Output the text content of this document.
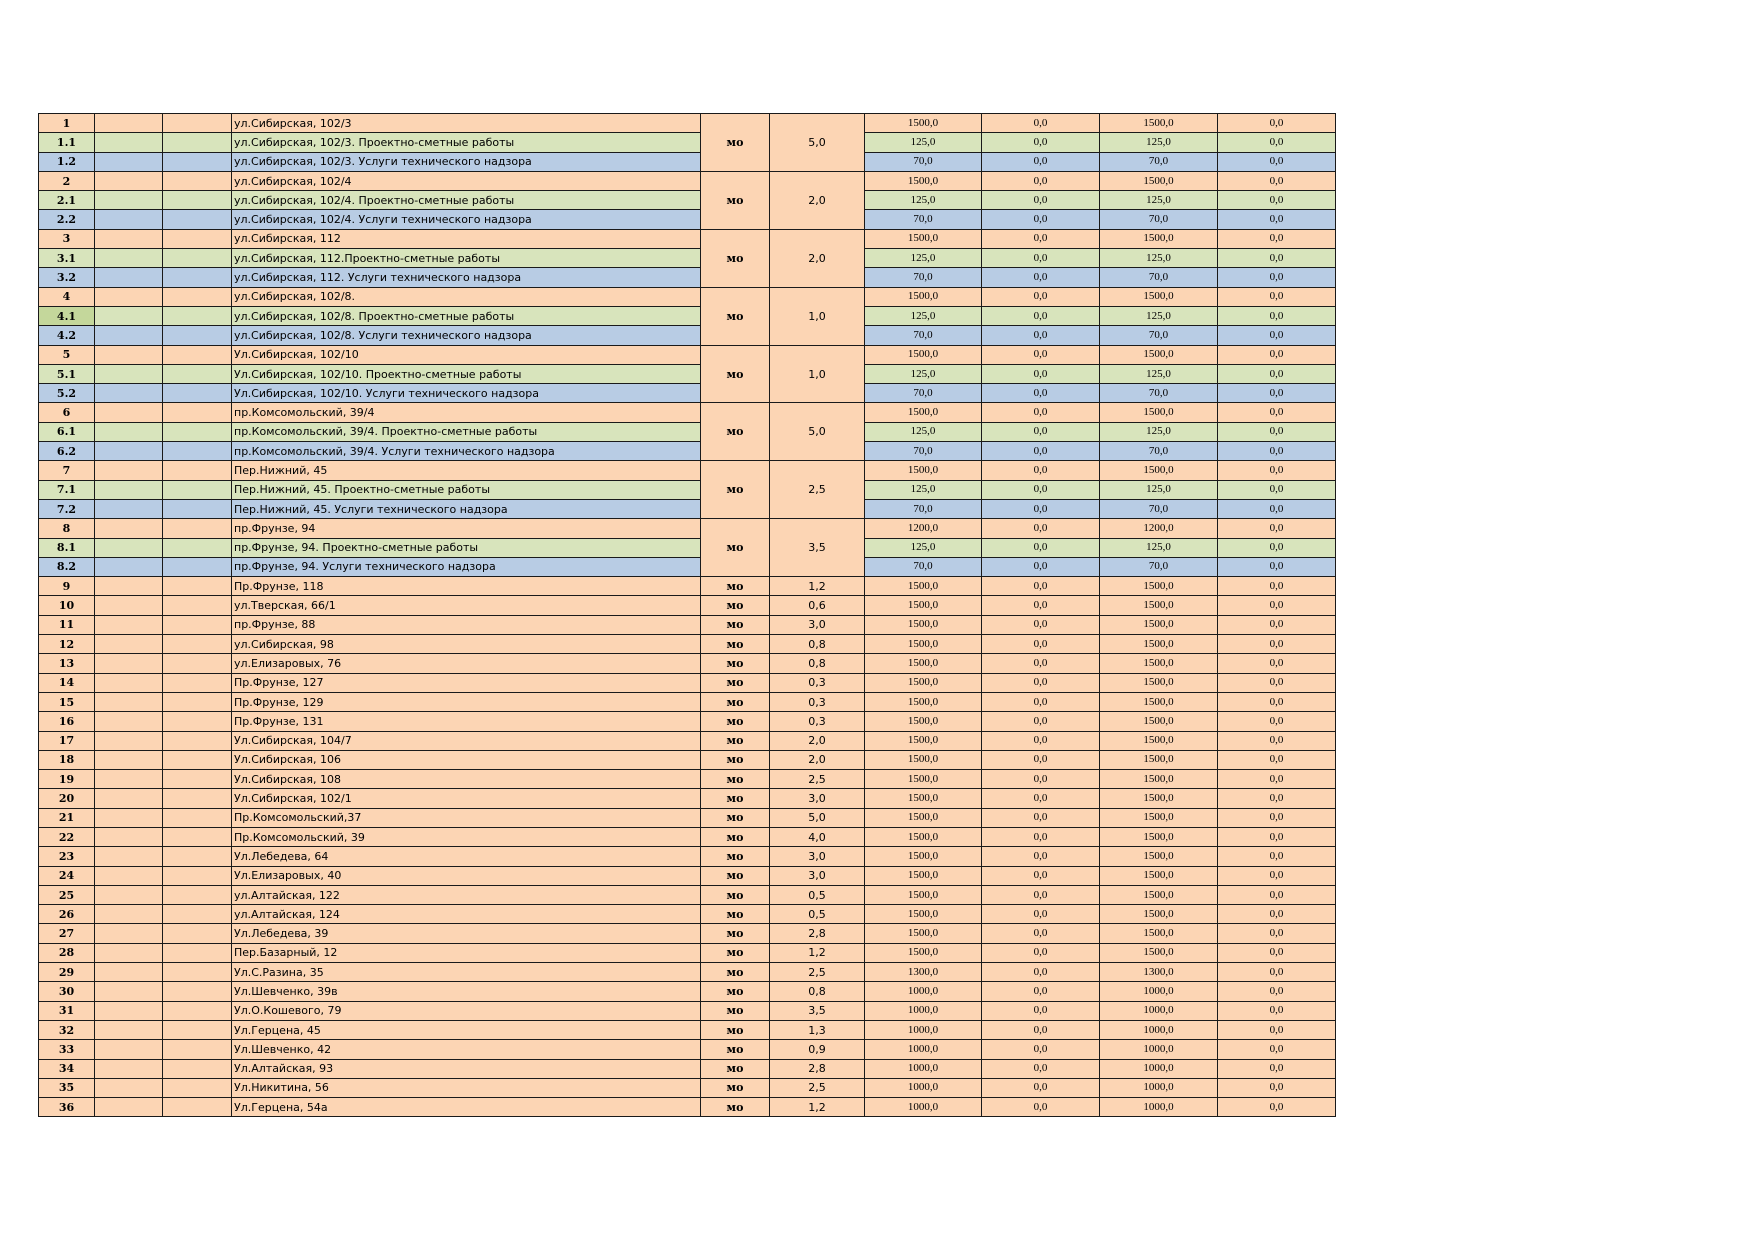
1			ул.Сибирская, 102/3	мо	5,0	1500,0	0,0	1500,0	0,0
1.1			ул.Сибирская, 102/3. Проектно-сметные работы			125,0	0,0	125,0	0,0
1.2			ул.Сибирская, 102/3. Услуги технического надзора			70,0	0,0	70,0	0,0
2			ул.Сибирская, 102/4	мо	2,0	1500,0	0,0	1500,0	0,0
2.1			ул.Сибирская, 102/4. Проектно-сметные работы			125,0	0,0	125,0	0,0
2.2			ул.Сибирская, 102/4. Услуги технического надзора			70,0	0,0	70,0	0,0
3			ул.Сибирская, 112	мо	2,0	1500,0	0,0	1500,0	0,0
3.1			ул.Сибирская, 112.Проектно-сметные работы			125,0	0,0	125,0	0,0
3.2			ул.Сибирская, 112. Услуги технического надзора			70,0	0,0	70,0	0,0
4			ул.Сибирская, 102/8.	мо	1,0	1500,0	0,0	1500,0	0,0
4.1			ул.Сибирская, 102/8. Проектно-сметные работы			125,0	0,0	125,0	0,0
4.2			ул.Сибирская, 102/8. Услуги технического надзора			70,0	0,0	70,0	0,0
5			Ул.Сибирская, 102/10	мо	1,0	1500,0	0,0	1500,0	0,0
5.1			Ул.Сибирская, 102/10. Проектно-сметные работы			125,0	0,0	125,0	0,0
5.2			Ул.Сибирская, 102/10. Услуги технического надзора			70,0	0,0	70,0	0,0
6			пр.Комсомольский, 39/4	мо	5,0	1500,0	0,0	1500,0	0,0
6.1			пр.Комсомольский, 39/4. Проектно-сметные работы			125,0	0,0	125,0	0,0
6.2			пр.Комсомольский, 39/4. Услуги технического надзора			70,0	0,0	70,0	0,0
7			Пер.Нижний, 45	мо	2,5	1500,0	0,0	1500,0	0,0
7.1			Пер.Нижний, 45. Проектно-сметные работы			125,0	0,0	125,0	0,0
7.2			Пер.Нижний, 45. Услуги технического надзора			70,0	0,0	70,0	0,0
8			пр.Фрунзе, 94	мо	3,5	1200,0	0,0	1200,0	0,0
8.1			пр.Фрунзе, 94. Проектно-сметные работы			125,0	0,0	125,0	0,0
8.2			пр.Фрунзе, 94. Услуги технического надзора			70,0	0,0	70,0	0,0
9			Пр.Фрунзе, 118	мо	1,2	1500,0	0,0	1500,0	0,0
10			ул.Тверская, 66/1	мо	0,6	1500,0	0,0	1500,0	0,0
11			пр.Фрунзе, 88	мо	3,0	1500,0	0,0	1500,0	0,0
12			ул.Сибирская, 98	мо	0,8	1500,0	0,0	1500,0	0,0
13			ул.Елизаровых, 76	мо	0,8	1500,0	0,0	1500,0	0,0
14			Пр.Фрунзе, 127	мо	0,3	1500,0	0,0	1500,0	0,0
15			Пр.Фрунзе, 129	мо	0,3	1500,0	0,0	1500,0	0,0
16			Пр.Фрунзе, 131	мо	0,3	1500,0	0,0	1500,0	0,0
17			Ул.Сибирская, 104/7	мо	2,0	1500,0	0,0	1500,0	0,0
18			Ул.Сибирская, 106	мо	2,0	1500,0	0,0	1500,0	0,0
19			Ул.Сибирская, 108	мо	2,5	1500,0	0,0	1500,0	0,0
20			Ул.Сибирская, 102/1	мо	3,0	1500,0	0,0	1500,0	0,0
21			Пр.Комсомольский,37	мо	5,0	1500,0	0,0	1500,0	0,0
22			Пр.Комсомольский, 39	мо	4,0	1500,0	0,0	1500,0	0,0
23			Ул.Лебедева, 64	мо	3,0	1500,0	0,0	1500,0	0,0
24			Ул.Елизаровых, 40	мо	3,0	1500,0	0,0	1500,0	0,0
25			ул.Алтайская, 122	мо	0,5	1500,0	0,0	1500,0	0,0
26			ул.Алтайская, 124	мо	0,5	1500,0	0,0	1500,0	0,0
27			Ул.Лебедева, 39	мо	2,8	1500,0	0,0	1500,0	0,0
28			Пер.Базарный, 12	мо	1,2	1500,0	0,0	1500,0	0,0
29			Ул.С.Разина, 35	мо	2,5	1300,0	0,0	1300,0	0,0
30			Ул.Шевченко, 39в	мо	0,8	1000,0	0,0	1000,0	0,0
31			Ул.О.Кошевого, 79	мо	3,5	1000,0	0,0	1000,0	0,0
32			Ул.Герцена, 45	мо	1,3	1000,0	0,0	1000,0	0,0
33			Ул.Шевченко, 42	мо	0,9	1000,0	0,0	1000,0	0,0
34			Ул.Алтайская, 93	мо	2,8	1000,0	0,0	1000,0	0,0
35			Ул.Никитина, 56	мо	2,5	1000,0	0,0	1000,0	0,0
36			Ул.Герцена, 54а	мо	1,2	1000,0	0,0	1000,0	0,0
